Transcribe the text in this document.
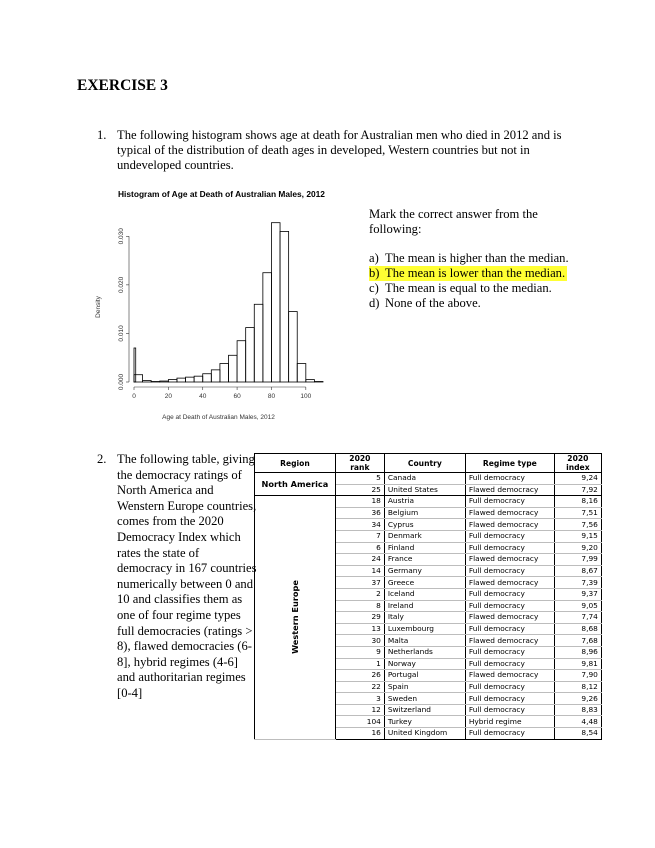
EXERCISE 3
1. The following histogram shows age at death for Australian men who died in 2012 and is typical of the distribution of death ages in developed, Western countries but not in undeveloped countries.
Histogram of Age at Death of Australian Males, 2012
0	20	40	60	80	100
0.000
0.010
0.020
0.030
Age at Death of Australian Males, 2012
Density
Mark the correct answer from the following:
a) The mean is higher than the median.
b) The mean is lower than the median.
c) The mean is equal to the median.
d) None of the above.
2. The following table, giving the democracy ratings of North America and Wenstern Europe countries, comes from the 2020 Democracy Index which rates the state of democracy in 167 countries numerically between 0 and 10 and classifies them as one of four regime types full democracies (ratings > 8), flawed democracies (6-8], hybrid regimes (4-6] and authoritarian regimes [0-4]
Region	2020 rank	Country	Regime type	2020 index
North America	5	Canada	Full democracy	9,24
	25	United States	Flawed democracy	7,92
Western Europe	18	Austria	Full democracy	8,16
	36	Belgium	Flawed democracy	7,51
	34	Cyprus	Flawed democracy	7,56
	7	Denmark	Full democracy	9,15
	6	Finland	Full democracy	9,20
	24	France	Flawed democracy	7,99
	14	Germany	Full democracy	8,67
	37	Greece	Flawed democracy	7,39
	2	Iceland	Full democracy	9,37
	8	Ireland	Full democracy	9,05
	29	Italy	Flawed democracy	7,74
	13	Luxembourg	Full democracy	8,68
	30	Malta	Flawed democracy	7,68
	9	Netherlands	Full democracy	8,96
	1	Norway	Full democracy	9,81
	26	Portugal	Flawed democracy	7,90
	22	Spain	Full democracy	8,12
	3	Sweden	Full democracy	9,26
	12	Switzerland	Full democracy	8,83
	104	Turkey	Hybrid regime	4,48
	16	United Kingdom	Full democracy	8,54
